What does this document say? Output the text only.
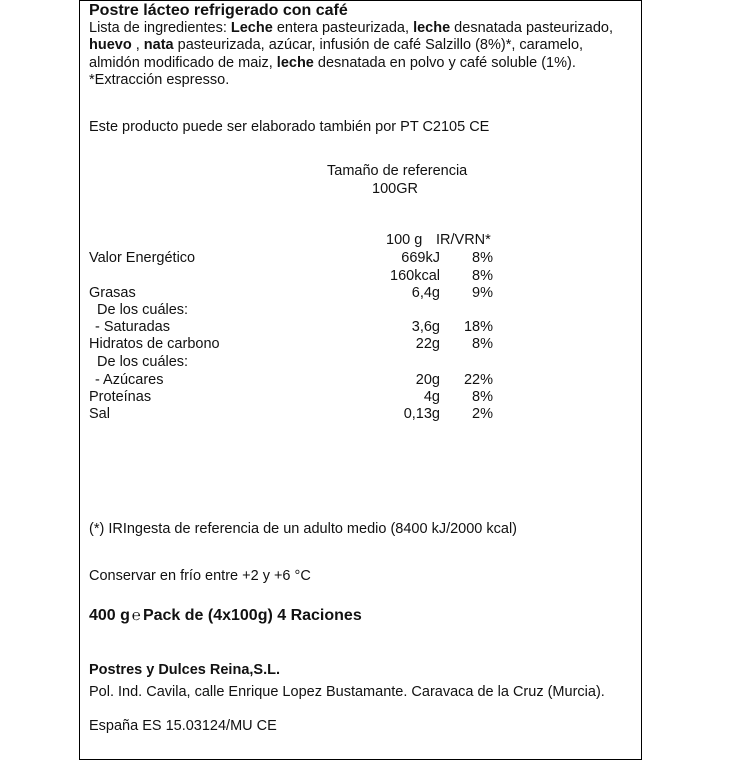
Postre lácteo refrigerado con café
Lista de ingredientes: Leche entera pasteurizada, leche desnatada pasteurizado, huevo , nata pasteurizada, azúcar, infusión de café Salzillo (8%)*, caramelo, almidón modificado de maiz, leche desnatada en polvo y café soluble (1%). *Extracción espresso.
Este producto puede ser elaborado también por PT C2105 CE
Tamaño de referencia
100GR
100 g IR/VRN*
Valor Energético	669kJ	8%
160kcal	8%
Grasas	6,4g	9%
De los cuáles:
- Saturadas	3,6g	18%
Hidratos de carbono	22g	8%
De los cuáles:
- Azúcares	20g	22%
Proteínas	4g	8%
Sal	0,13g	2%
(*) IRIngesta de referencia de un adulto medio (8400 kJ/2000 kcal)
Conservar en frío entre +2 y +6 °C
400 g ℮ Pack de (4x100g) 4 Raciones
Postres y Dulces Reina,S.L.
Pol. Ind. Cavila, calle Enrique Lopez Bustamante. Caravaca de la Cruz (Murcia).
España ES 15.03124/MU CE
